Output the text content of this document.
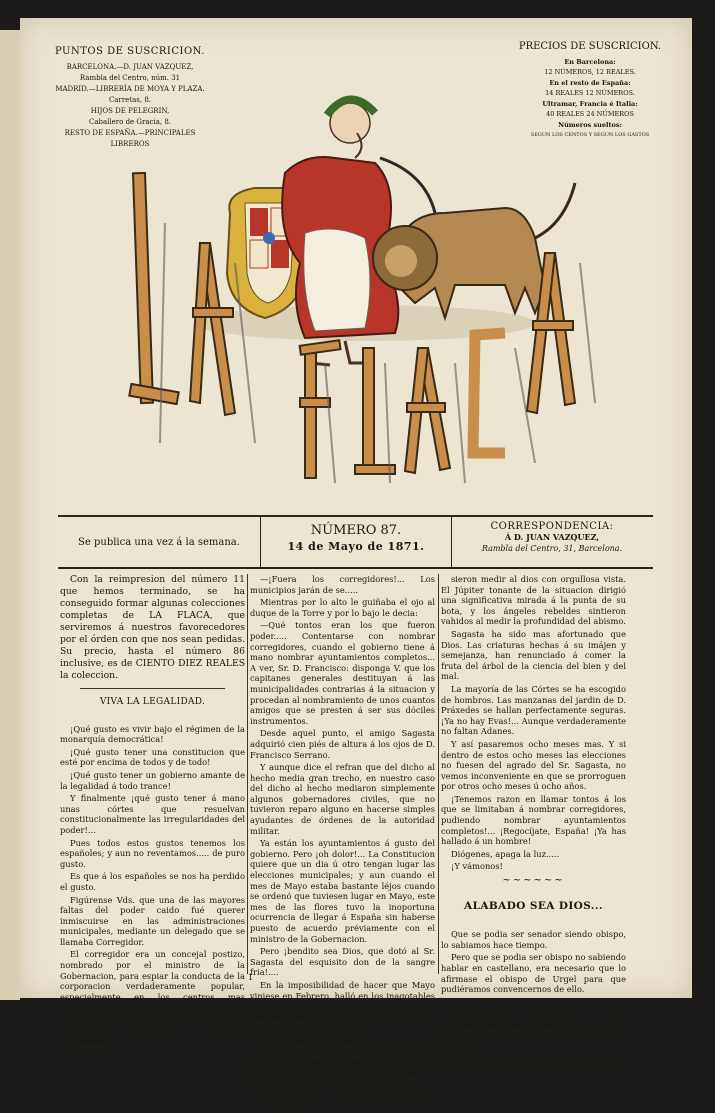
PUNTOS DE SUSCRICION.
BARCELONA.—D. JUAN VAZQUEZ,
Rambla del Centro, núm. 31
MADRID.—LIBRERÍA DE MOYA Y PLAZA.
Carretas, 8.
HIJOS DE PELEGRIN,
Caballero de Gracia, 8.
RESTO DE ESPAÑA.—PRINCIPALES
LIBREROS
PRECIOS DE SUSCRICION.
En Barcelona:
12 NÚMEROS, 12 REALES.
En el resto de España:
14 REALES 12 NÚMEROS.
Ultramar, Francia é Italia:
40 REALES 24 NÚMEROS
Números sueltos:
SEGUN LOS CENTOS Y SEGUN LOS GASTOS
Se publica una vez á la semana.
NÚMERO 87.
14 de Mayo de 1871.
CORRESPONDENCIA:
Á D. JUAN VAZQUEZ,
Rambla del Centro, 31, Barcelona.

Con la reimpresion del número 11 que hemos terminado, se ha conseguido formar algunas colecciones completas de LA FLACA, que serviremos á nuestros favorecedores por el órden con que nos sean pedidas. Su precio, hasta el número 86 inclusive, es de CIENTO DIEZ REALES la coleccion.

VIVA LA LEGALIDAD.

¡Qué gusto es vivir bajo el régimen de la monarquía democrática!

¡Qué gusto tener una constitucion que esté por encima de todos y de todo!

¡Qué gusto tener un gobierno amante de la legalidad á todo trance!

Y finalmente ¡qué gusto tener á mano unas córtes que resuelvan constitucionalmente las irregularidades del poder!...

Pues todos estos gustos tenemos los españoles; y aun no reventamos..... de puro gusto.

Es que á los españoles se nos ha perdido el gusto.

Figúrense Vds. que una de las mayores faltas del poder caido fué querer inmiscuirse en las administraciones municipales, mediante un delegado que se llamaba Corregidor.

El corregidor era un concejal postizo, nombrado por el ministro de la Gobernacion, para espiar la conducta de la corporacion verdaderamente popular, especialmente en los centros mas populosos y menos afectos.

Cambia el régimen político de España, y cata ahí al celebérrimo D. Práxedes esclamando:

—¡Fuera los corregidores!... Los municipios jarán de se.....

Mientras por lo alto le guiñaba el ojo al duque de la Torre y por lo bajo le decia:

—Qué tontos eran los que fueron poder..... Contentarse con nombrar corregidores, cuando el gobierno tiene á mano nombrar ayuntamientos completos... A ver, Sr. D. Francisco: disponga V. que los capitanes generales destituyan á las municipalidades contrarias á la situacion y procedan al nombramiento de unos cuantos amigos que se presten á ser sus dóciles instrumentos.

Desde aquel punto, el amigo Sagasta adquirió cien piés de altura á los ojos de D. Francisco Serrano.

Y aunque dice el refran que del dicho al hecho media gran trecho, en nuestro caso del dicho al hecho mediaron simplemente algunos gobernadores civiles, que no tuvieron reparo alguno en hacerse simples ayudantes de órdenes de la autoridad militar.

Ya están los ayuntamientos á gusto del gobierno. Pero ¡oh dolor!... La Constitucion quiere que un dia ú otro tengan lugar las elecciones municipales; y aun cuando el mes de Mayo estaba bastante léjos cuando se ordenó que tuviesen lugar en Mayo, este mes de las flores tuvo la inoportuna ocurrencia de llegar á España sin haberse puesto de acuerdo préviamente con el ministro de la Gobernacion.

Pero ¡bendito sea Dios, que dotó al Sr. Sagasta del esquisito don de la sangre fria!....

En la imposibilidad de hacer que Mayo viniese en Febrero, halló en los inagotables recursos de su ingenio el modo de que Febrero fuese en Mayo para los efectos de las elecciones municipales.

El inimitable Sagasta dijo ¡fiat! y la Gaceta se encargó de ser el Génesis de esta nueva creacion, que hoy por hoy se está incubando en los centros gubernativos de la antigua casa de correos.

Vanamente los cimbrios (Martos á la cabeza) qui-

sieron medir al dios con orgullosa vista. El Júpiter tonante de la situacion dirigió una significativa mirada á la punta de su bota, y los ángeles rebeldes sintieron vahidos al medir la profundidad del abismo.

Sagasta ha sido mas afortunado que Dios. Las criaturas hechas á su imájen y semejanza, han renunciado á comer la fruta del árbol de la ciencia del bien y del mal.

La mayoría de las Córtes se ha escogido de hombros. Las manzanas del jardin de D. Práxedes se hallan perfectamente seguras. ¡Ya no hay Evas!... Aunque verdaderamente no faltan Adanes.

Y así pasaremos ocho meses mas. Y si dentro de estos ocho meses las elecciones no fuesen del agrado del Sr. Sagasta, no vemos inconveniente en que se prorroguen por otros ocho meses ú ocho años.

¡Tenemos razon en llamar tontos á los que se limitaban á nombrar corregidores, pudiendo nombrar ayuntamientos completos!... ¡Regocíjate, España! ¡Ya has hallado á un hombre!

Diógenes, apaga la luz.....

¡Y vámonos!

~~~~~~
ALABADO SEA DIOS...

Que se podia ser senador siendo obispo, lo sabiamos hace tiempo.

Pero que se podia ser obispo no sabiendo hablar en castellano, era necesario que lo afirmase el obispo de Urgel para que pudiéramos convencernos de ello.

Que lo afirmase y que lo probase.

Mas como su Ilustrísima no sienta proposiciones que no esté en su ánimo demostrar, á la proposicion siguió el ejemplo.

El Senado en peso pudo convencerse de que el obis-

1
